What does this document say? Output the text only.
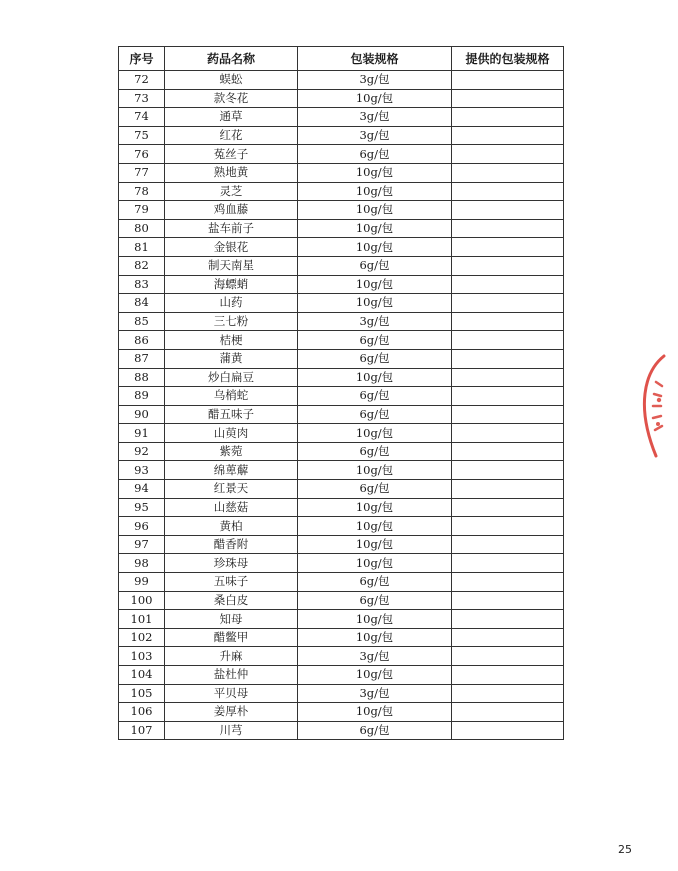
序号	药品名称	包装规格	提供的包装规格
72	蜈蚣	3g/包	
73	款冬花	10g/包	
74	通草	3g/包	
75	红花	3g/包	
76	菟丝子	6g/包	
77	熟地黄	10g/包	
78	灵芝	10g/包	
79	鸡血藤	10g/包	
80	盐车前子	10g/包	
81	金银花	10g/包	
82	制天南星	6g/包	
83	海螵蛸	10g/包	
84	山药	10g/包	
85	三七粉	3g/包	
86	桔梗	6g/包	
87	蒲黄	6g/包	
88	炒白扁豆	10g/包	
89	乌梢蛇	6g/包	
90	醋五味子	6g/包	
91	山萸肉	10g/包	
92	紫菀	6g/包	
93	绵萆薢	10g/包	
94	红景天	6g/包	
95	山慈菇	10g/包	
96	黄柏	10g/包	
97	醋香附	10g/包	
98	珍珠母	10g/包	
99	五味子	6g/包	
100	桑白皮	6g/包	
101	知母	10g/包	
102	醋鳖甲	10g/包	
103	升麻	3g/包	
104	盐杜仲	10g/包	
105	平贝母	3g/包	
106	姜厚朴	10g/包	
107	川芎	6g/包	
25
